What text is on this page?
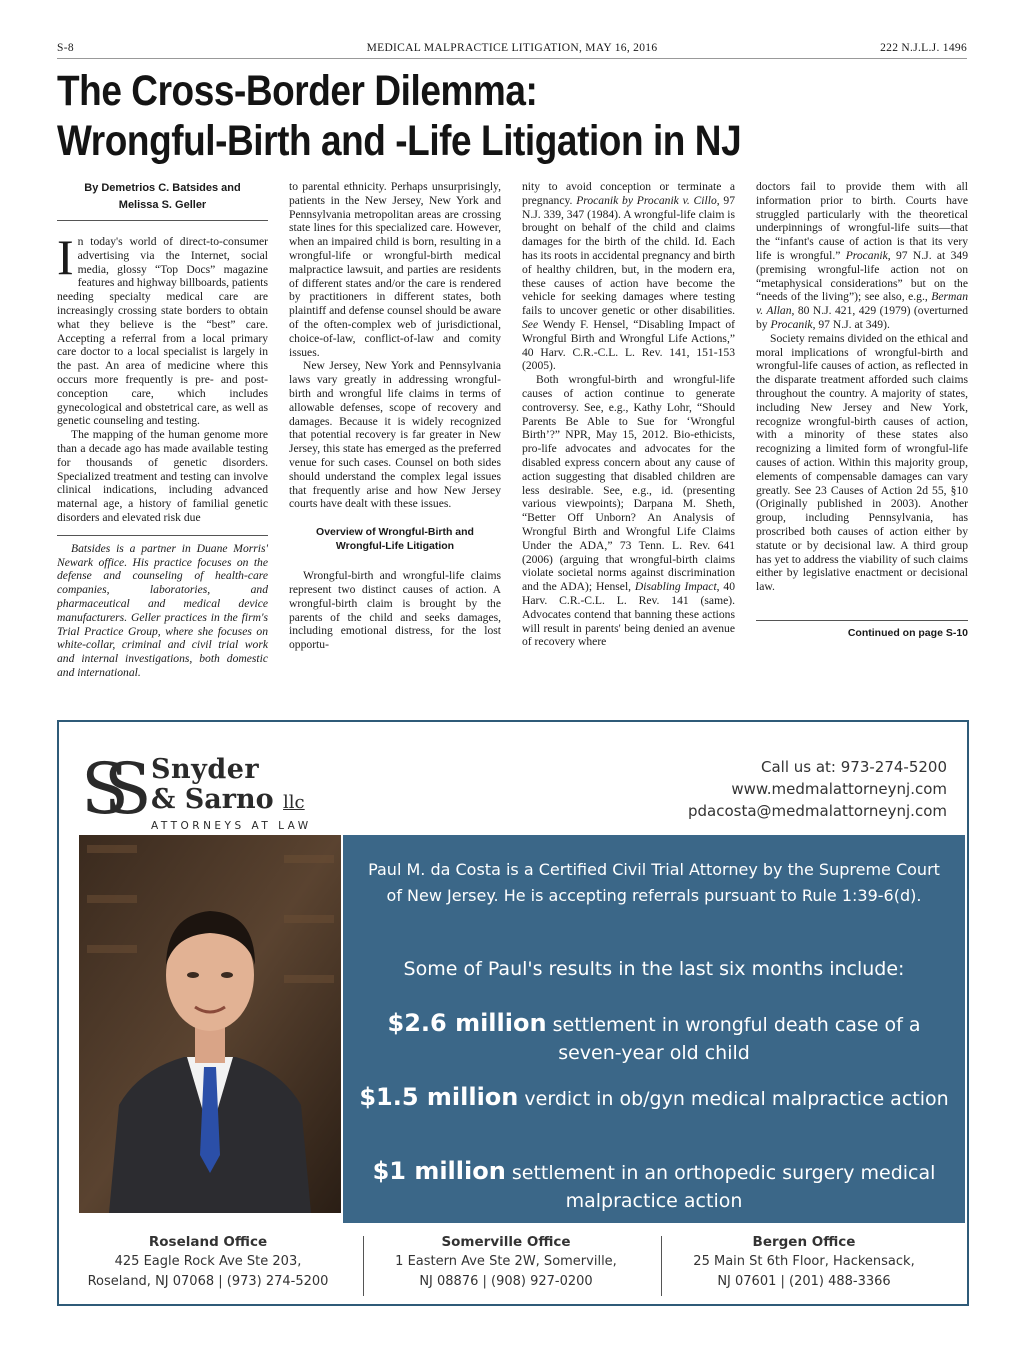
S-8	MEDICAL MALPRACTICE LITIGATION, MAY 16, 2016	222 N.J.L.J. 1496
The Cross-Border Dilemma:
Wrongful-Birth and -Life Litigation in NJ
By Demetrios C. Batsides and
Melissa S. Geller

In today's world of direct-to-consumer advertising via the Internet, social media, glossy “Top Docs” magazine features and highway billboards, patients needing specialty medical care are increasingly crossing state borders to obtain what they believe is the “best” care. Accepting a referral from a local primary care doctor to a local specialist is largely in the past. An area of medicine where this occurs more frequently is pre- and post-conception care, which includes gynecological and obstetrical care, as well as genetic counseling and testing.

The mapping of the human genome more than a decade ago has made available testing for thousands of genetic disorders. Specialized treatment and testing can involve clinical indications, including advanced maternal age, a history of familial genetic disorders and elevated risk due

Batsides is a partner in Duane Morris' Newark office. His practice focuses on the defense and counseling of health-care companies, laboratories, and pharmaceutical and medical device manufacturers. Geller practices in the firm's Trial Practice Group, where she focuses on white-collar, criminal and civil trial work and internal investigations, both domestic and international.

to parental ethnicity. Perhaps unsurprisingly, patients in the New Jersey, New York and Pennsylvania metropolitan areas are crossing state lines for this specialized care. However, when an impaired child is born, resulting in a wrongful-life or wrongful-birth medical malpractice lawsuit, and parties are residents of different states and/or the care is rendered by practitioners in different states, both plaintiff and defense counsel should be aware of the often-complex web of jurisdictional, choice-of-law, conflict-of-law and comity issues.

New Jersey, New York and Pennsylvania laws vary greatly in addressing wrongful-birth and wrongful life claims in terms of allowable defenses, scope of recovery and damages. Because it is widely recognized that potential recovery is far greater in New Jersey, this state has emerged as the preferred venue for such cases. Counsel on both sides should understand the complex legal issues that frequently arise and how New Jersey courts have dealt with these issues.

Overview of Wrongful-Birth and
Wrongful-Life Litigation

Wrongful-birth and wrongful-life claims represent two distinct causes of action. A wrongful-birth claim is brought by the parents of the child and seeks damages, including emotional distress, for the lost opportu-

nity to avoid conception or terminate a pregnancy. Procanik by Procanik v. Cillo, 97 N.J. 339, 347 (1984). A wrongful-life claim is brought on behalf of the child and claims damages for the birth of the child. Id. Each has its roots in accidental pregnancy and birth of healthy children, but, in the modern era, these causes of action have become the vehicle for seeking damages where testing fails to uncover genetic or other disabilities. See Wendy F. Hensel, “Disabling Impact of Wrongful Birth and Wrongful Life Actions,” 40 Harv. C.R.-C.L. L. Rev. 141, 151-153 (2005).

Both wrongful-birth and wrongful-life causes of action continue to generate controversy. See, e.g., Kathy Lohr, “Should Parents Be Able to Sue for ‘Wrongful Birth’?” NPR, May 15, 2012. Bio-ethicists, pro-life advocates and advocates for the disabled express concern about any cause of action suggesting that disabled children are less desirable. See, e.g., id. (presenting various viewpoints); Darpana M. Sheth, “Better Off Unborn? An Analysis of Wrongful Birth and Wrongful Life Claims Under the ADA,” 73 Tenn. L. Rev. 641 (2006) (arguing that wrongful-birth claims violate societal norms against discrimination and the ADA); Hensel, Disabling Impact, 40 Harv. C.R.-C.L. L. Rev. 141 (same). Advocates contend that banning these actions will result in parents' being denied an avenue of recovery where

doctors fail to provide them with all information prior to birth. Courts have struggled particularly with the theoretical underpinnings of wrongful-life suits—that the “infant's cause of action is that its very life is wrongful.” Procanik, 97 N.J. at 349 (premising wrongful-life action not on “metaphysical considerations” but on the “needs of the living”); see also, e.g., Berman v. Allan, 80 N.J. 421, 429 (1979) (overturned by Procanik, 97 N.J. at 349).

Society remains divided on the ethical and moral implications of wrongful-birth and wrongful-life causes of action, as reflected in the disparate treatment afforded such claims throughout the country. A majority of states, including New Jersey and New York, recognize wrongful-birth causes of action, with a minority of these states also recognizing a limited form of wrongful-life causes of action. Within this majority group, elements of compensable damages can vary greatly. See 23 Causes of Action 2d 55, §10 (Originally published in 2003). Another group, including Pennsylvania, has proscribed both causes of action either by statute or by decisional law. A third group has yet to address the viability of such claims either by legislative enactment or decisional law.

Continued on page S-10
SS Snyder
& Sarno llc
ATTORNEYS AT LAW
Call us at: 973-274-5200
www.medmalattorneynj.com
pdacosta@medmalattorneynj.com
Paul M. da Costa is a Certified Civil Trial Attorney by the Supreme Court of New Jersey. He is accepting referrals pursuant to Rule 1:39-6(d).
Some of Paul's results in the last six months include:
$2.6 million settlement in wrongful death case of a seven-year old child
$1.5 million verdict in ob/gyn medical malpractice action
$1 million settlement in an orthopedic surgery medical malpractice action
Roseland Office
425 Eagle Rock Ave Ste 203,
Roseland, NJ 07068 | (973) 274-5200
Somerville Office
1 Eastern Ave Ste 2W, Somerville,
NJ 08876 | (908) 927-0200
Bergen Office
25 Main St 6th Floor, Hackensack,
NJ 07601 | (201) 488-3366
